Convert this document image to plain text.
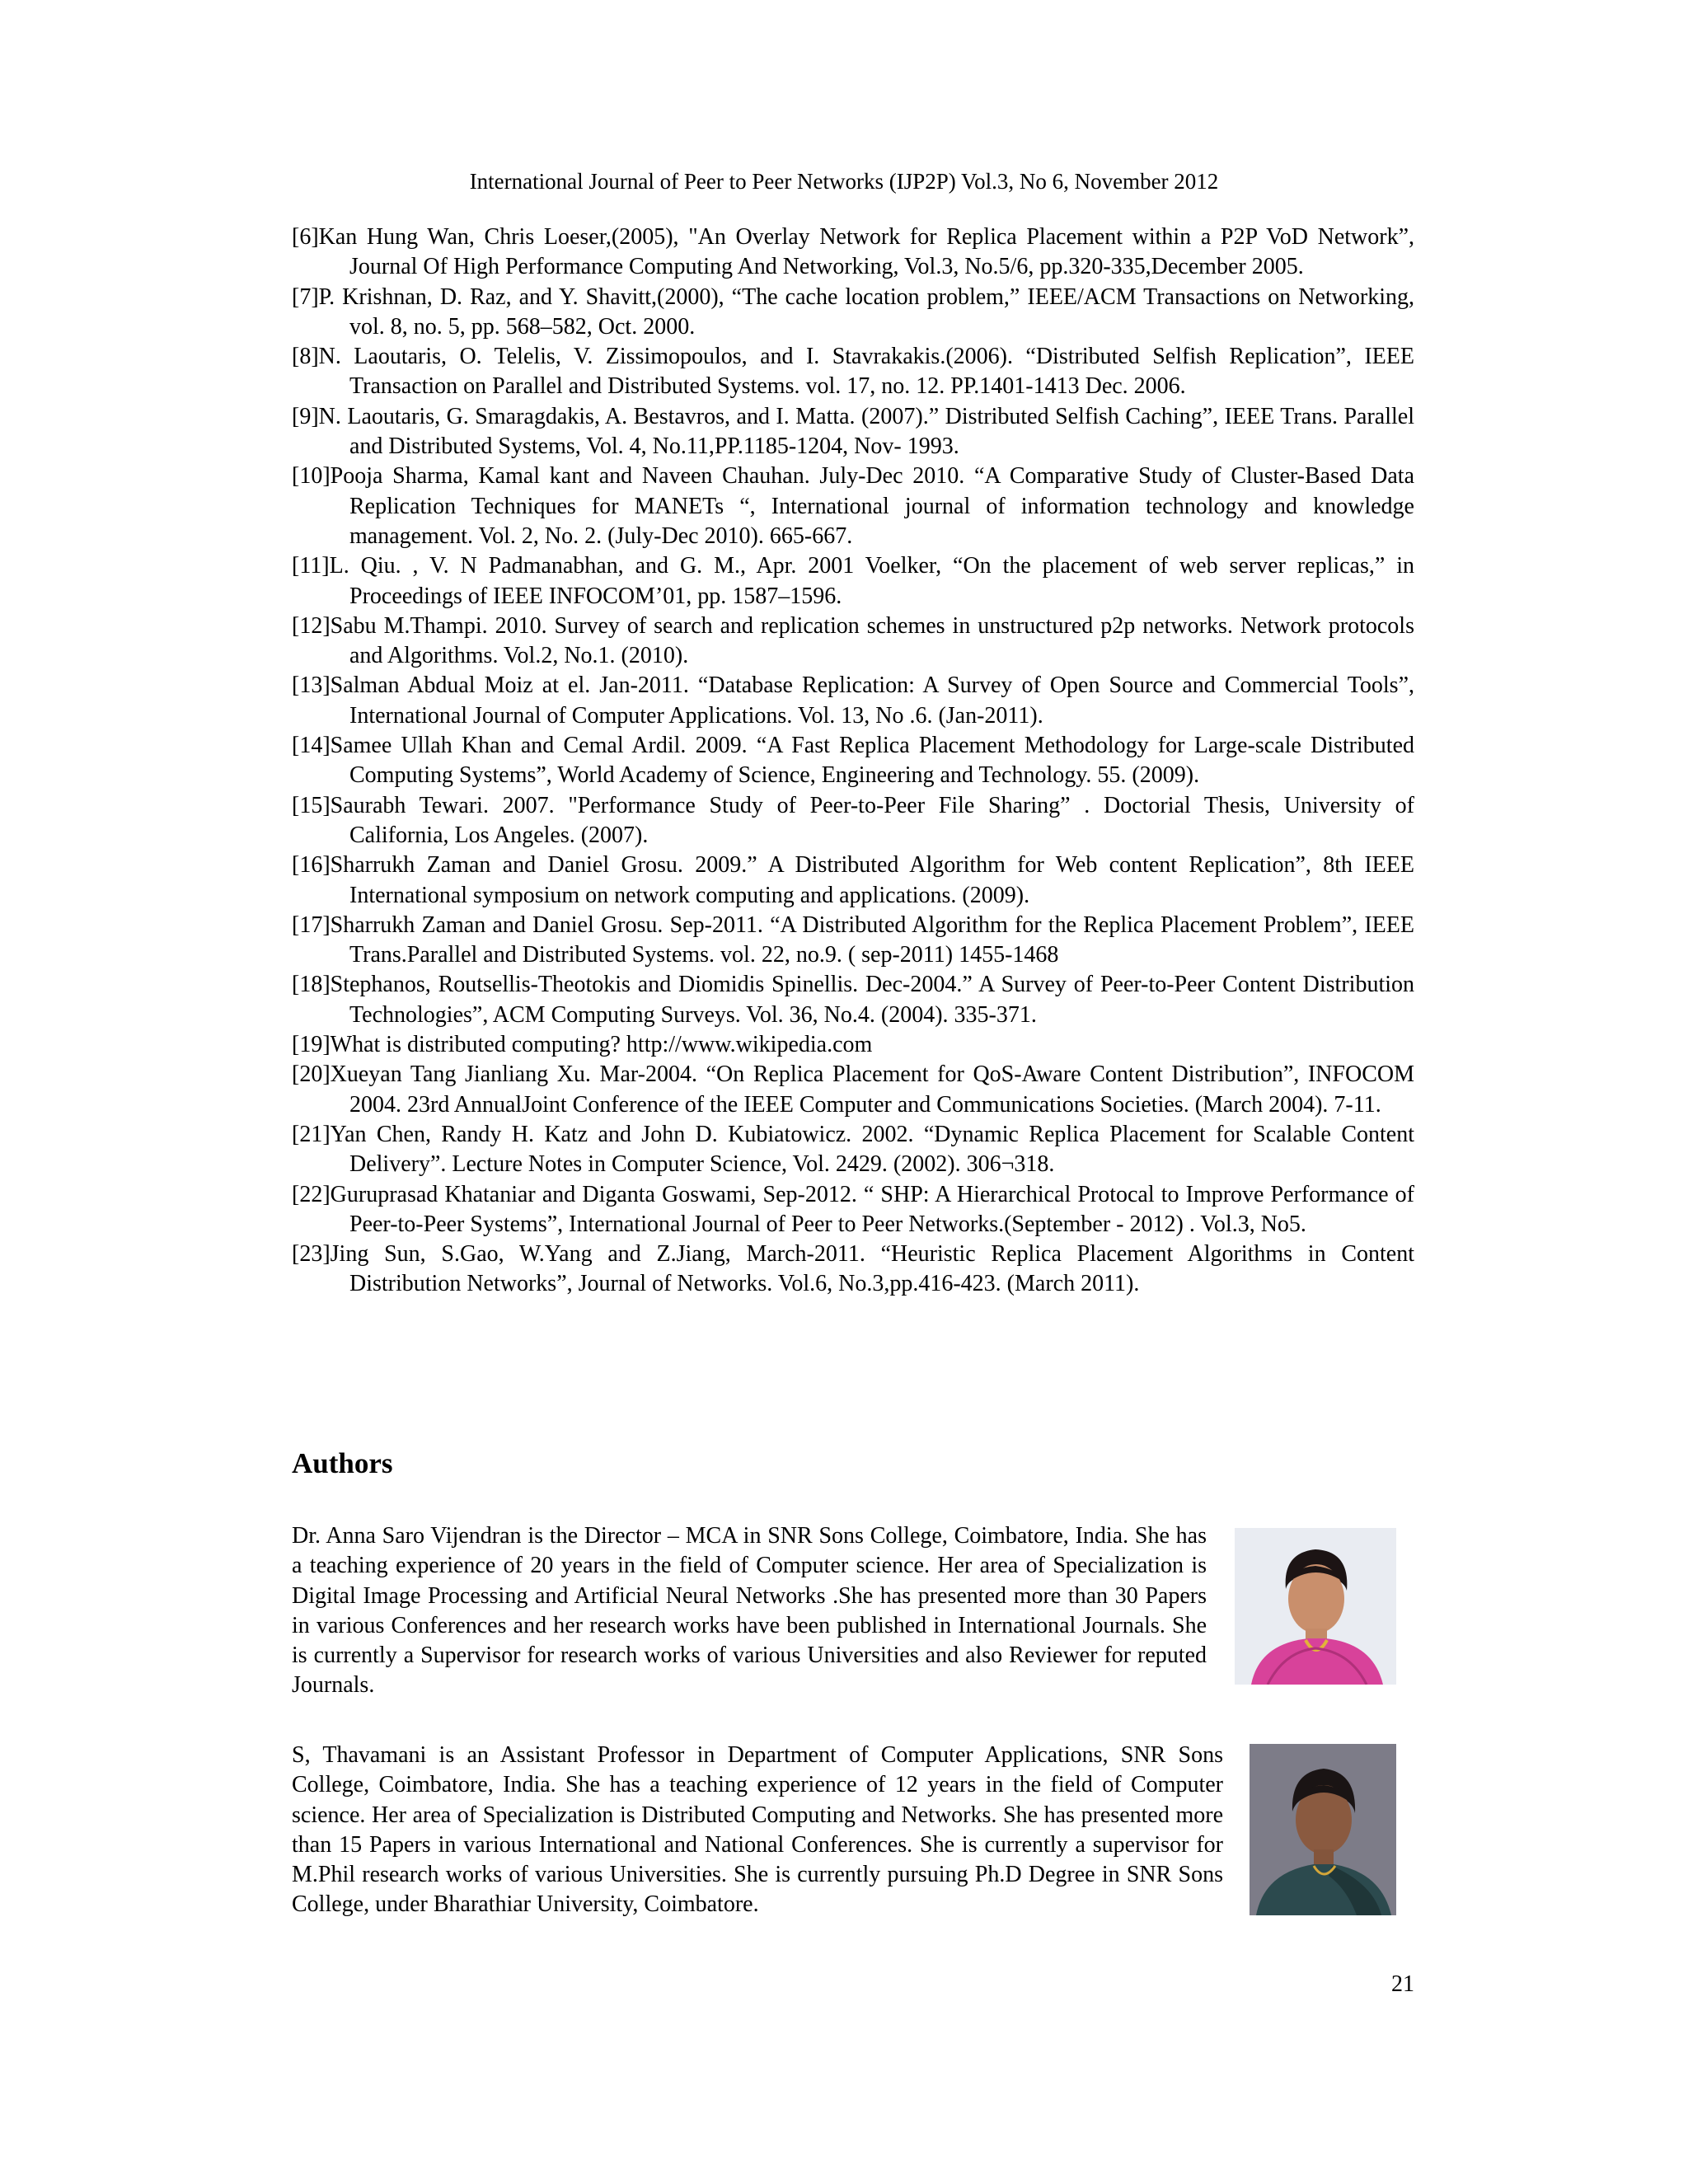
International Journal of Peer to Peer Networks (IJP2P) Vol.3, No 6, November 2012
[6]Kan Hung Wan, Chris Loeser,(2005), "An Overlay Network for Replica Placement within a P2P VoD Network”, Journal Of High Performance Computing And Networking, Vol.3, No.5/6, pp.320-335,December 2005.
[7]P. Krishnan, D. Raz, and Y. Shavitt,(2000), “The cache location problem,” IEEE/ACM Transactions on Networking, vol. 8, no. 5, pp. 568–582, Oct. 2000.
[8]N. Laoutaris, O. Telelis, V. Zissimopoulos, and I. Stavrakakis.(2006). “Distributed Selfish Replication”, IEEE Transaction on Parallel and Distributed Systems. vol. 17, no. 12. PP.1401-1413 Dec. 2006.
[9]N. Laoutaris, G. Smaragdakis, A. Bestavros, and I. Matta. (2007).” Distributed Selfish Caching”, IEEE Trans. Parallel and Distributed Systems, Vol. 4, No.11,PP.1185-1204, Nov- 1993.
[10]Pooja Sharma, Kamal kant and Naveen Chauhan. July-Dec 2010. “A Comparative Study of Cluster-Based Data Replication Techniques for MANETs “, International journal of information technology and knowledge management. Vol. 2, No. 2. (July-Dec 2010). 665-667.
[11]L. Qiu. , V. N Padmanabhan, and G. M., Apr. 2001 Voelker, “On the placement of web server replicas,” in Proceedings of IEEE INFOCOM’01, pp. 1587–1596.
[12]Sabu M.Thampi. 2010. Survey of search and replication schemes in unstructured p2p networks. Network protocols and Algorithms. Vol.2, No.1. (2010).
[13]Salman Abdual Moiz at el. Jan-2011. “Database Replication: A Survey of Open Source and Commercial Tools”, International Journal of Computer Applications. Vol. 13, No .6. (Jan-2011).
[14]Samee Ullah Khan and Cemal Ardil. 2009. “A Fast Replica Placement Methodology for Large-scale Distributed Computing Systems”, World Academy of Science, Engineering and Technology. 55. (2009).
[15]Saurabh Tewari. 2007. "Performance Study of Peer-to-Peer File Sharing” . Doctorial Thesis, University of California, Los Angeles. (2007).
[16]Sharrukh Zaman and Daniel Grosu. 2009.” A Distributed Algorithm for Web content Replication”, 8th IEEE International symposium on network computing and applications. (2009).
[17]Sharrukh Zaman and Daniel Grosu. Sep-2011. “A Distributed Algorithm for the Replica Placement Problem”, IEEE Trans.Parallel and Distributed Systems. vol. 22, no.9. ( sep-2011) 1455-1468
[18]Stephanos, Routsellis-Theotokis and Diomidis Spinellis. Dec-2004.” A Survey of Peer-to-Peer Content Distribution Technologies”, ACM Computing Surveys. Vol. 36, No.4. (2004). 335-371.
[19]What is distributed computing? http://www.wikipedia.com
[20]Xueyan Tang Jianliang Xu. Mar-2004. “On Replica Placement for QoS-Aware Content Distribution”, INFOCOM 2004. 23rd AnnualJoint Conference of the IEEE Computer and Communications Societies. (March 2004). 7-11.
[21]Yan Chen, Randy H. Katz and John D. Kubiatowicz. 2002. “Dynamic Replica Placement for Scalable Content Delivery”. Lecture Notes in Computer Science, Vol. 2429. (2002). 306¬318.
[22]Guruprasad Khataniar and Diganta Goswami, Sep-2012. “ SHP: A Hierarchical Protocal to Improve Performance of Peer-to-Peer Systems”, International Journal of Peer to Peer Networks.(September - 2012) . Vol.3, No5.
[23]Jing Sun, S.Gao, W.Yang and Z.Jiang, March-2011. “Heuristic Replica Placement Algorithms in Content Distribution Networks”, Journal of Networks. Vol.6, No.3,pp.416-423. (March 2011).
Authors

Dr. Anna Saro Vijendran is the Director – MCA in SNR Sons College, Coimbatore, India. She has a teaching experience of 20 years in the field of Computer science. Her area of Specialization is Digital Image Processing and Artificial Neural Networks .She has presented more than 30 Papers in various Conferences and her research works have been published in International Journals. She is currently a Supervisor for research works of various Universities and also Reviewer for reputed Journals.

S, Thavamani is an Assistant Professor in Department of Computer Applications, SNR Sons College, Coimbatore, India. She has a teaching experience of 12 years in the field of Computer science. Her area of Specialization is Distributed Computing and Networks. She has presented more than 15 Papers in various International and National Conferences. She is currently a supervisor for M.Phil research works of various Universities. She is currently pursuing Ph.D Degree in SNR Sons College, under Bharathiar University, Coimbatore.

21
